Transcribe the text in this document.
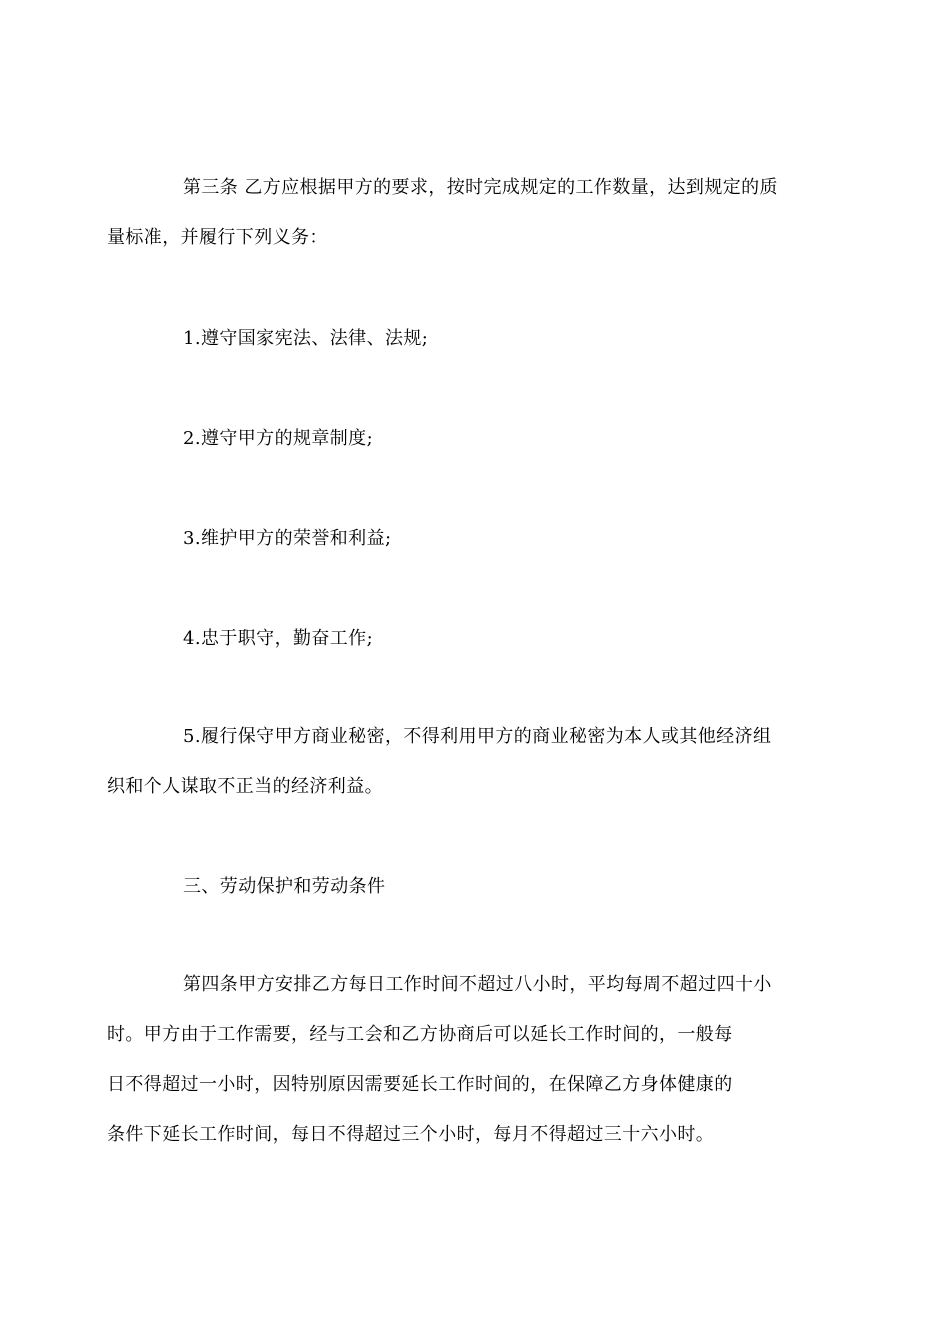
第三条 乙方应根据甲方的要求，按时完成规定的工作数量，达到规定的质
量标准，并履行下列义务：

1.遵守国家宪法、法律、法规;

2.遵守甲方的规章制度;

3.维护甲方的荣誉和利益;

4.忠于职守，勤奋工作;

5.履行保守甲方商业秘密，不得利用甲方的商业秘密为本人或其他经济组
织和个人谋取不正当的经济利益。

三、劳动保护和劳动条件

第四条甲方安排乙方每日工作时间不超过八小时，平均每周不超过四十小
时。甲方由于工作需要，经与工会和乙方协商后可以延长工作时间的，一般每
日不得超过一小时，因特别原因需要延长工作时间的，在保障乙方身体健康的
条件下延长工作时间，每日不得超过三个小时，每月不得超过三十六小时。
